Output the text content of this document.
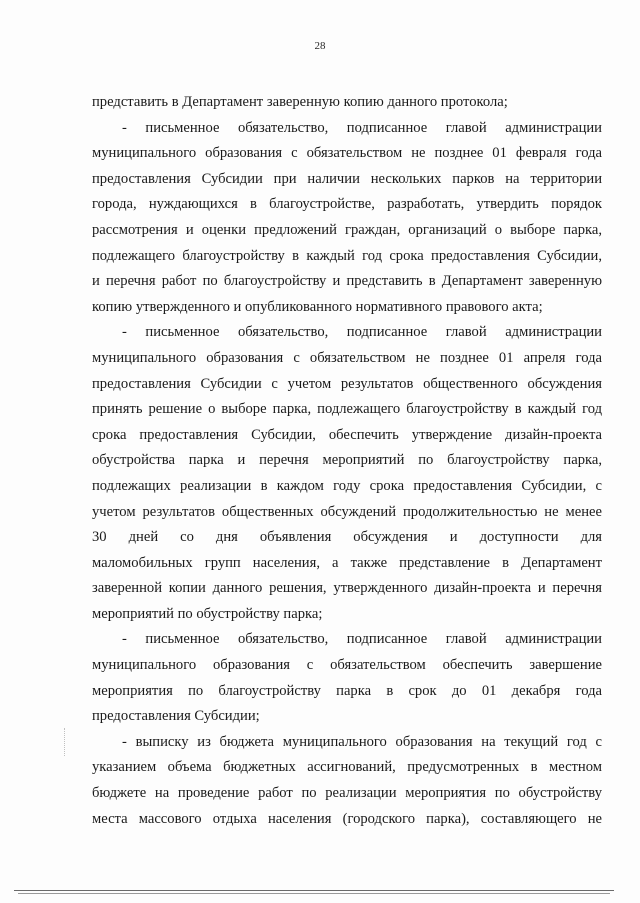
28
представить в Департамент заверенную копию данного протокола;
- письменное обязательство, подписанное главой администрации
муниципального образования с обязательством не позднее 01 февраля года
предоставления Субсидии при наличии нескольких парков на территории
города, нуждающихся в благоустройстве, разработать, утвердить порядок
рассмотрения и оценки предложений граждан, организаций о выборе парка,
подлежащего благоустройству в каждый год срока предоставления Субсидии,
и перечня работ по благоустройству и представить в Департамент заверенную
копию утвержденного и опубликованного нормативного правового акта;
- письменное обязательство, подписанное главой администрации
муниципального образования с обязательством не позднее 01 апреля года
предоставления Субсидии с учетом результатов общественного обсуждения
принять решение о выборе парка, подлежащего благоустройству в каждый год
срока предоставления Субсидии, обеспечить утверждение дизайн-проекта
обустройства парка и перечня мероприятий по благоустройству парка,
подлежащих реализации в каждом году срока предоставления Субсидии, с
учетом результатов общественных обсуждений продолжительностью не менее
30 дней со дня объявления обсуждения и доступности для
маломобильных групп населения, а также представление в Департамент
заверенной копии данного решения, утвержденного дизайн-проекта и перечня
мероприятий по обустройству парка;
- письменное обязательство, подписанное главой администрации
муниципального образования с обязательством обеспечить завершение
мероприятия по благоустройству парка в срок до 01 декабря года
предоставления Субсидии;
- выписку из бюджета муниципального образования на текущий год с
указанием объема бюджетных ассигнований, предусмотренных в местном
бюджете на проведение работ по реализации мероприятия по обустройству
места массового отдыха населения (городского парка), составляющего не
